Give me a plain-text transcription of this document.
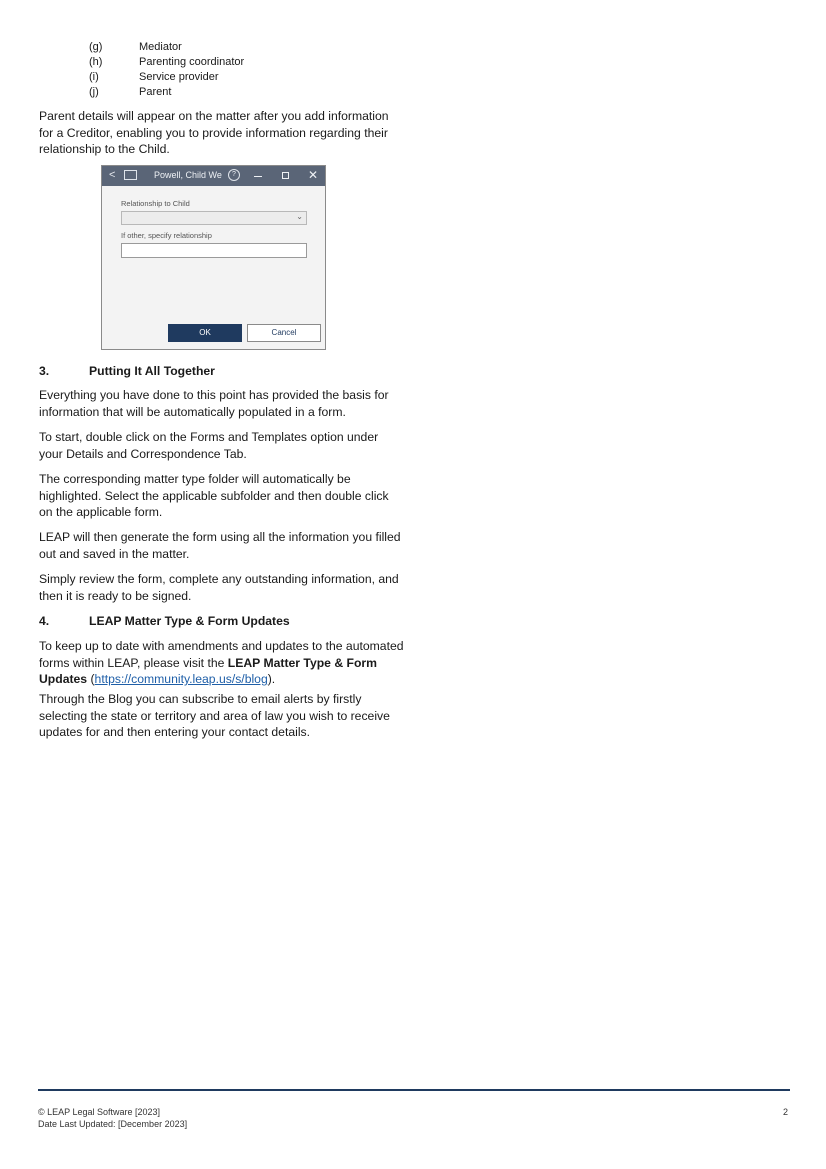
(g)	Mediator
(h)	Parenting coordinator
(i)	Service provider
(j)	Parent
Parent details will appear on the matter after you add information for a Creditor, enabling you to provide information regarding their relationship to the Child.
<	Powell, Child We	?	✕
Relationship to Child
⌄
If other, specify relationship
OK	Cancel
3.	Putting It All Together
Everything you have done to this point has provided the basis for information that will be automatically populated in a form.
To start, double click on the Forms and Templates option under your Details and Correspondence Tab.
The corresponding matter type folder will automatically be highlighted. Select the applicable subfolder and then double click on the applicable form.
LEAP will then generate the form using all the information you filled out and saved in the matter.
Simply review the form, complete any outstanding information, and then it is ready to be signed.
4.	LEAP Matter Type & Form Updates
To keep up to date with amendments and updates to the automated forms within LEAP, please visit the LEAP Matter Type & Form Updates (https://community.leap.us/s/blog).
Through the Blog you can subscribe to email alerts by firstly selecting the state or territory and area of law you wish to receive updates for and then entering your contact details.
© LEAP Legal Software [2023]
Date Last Updated: [December 2023]
2
